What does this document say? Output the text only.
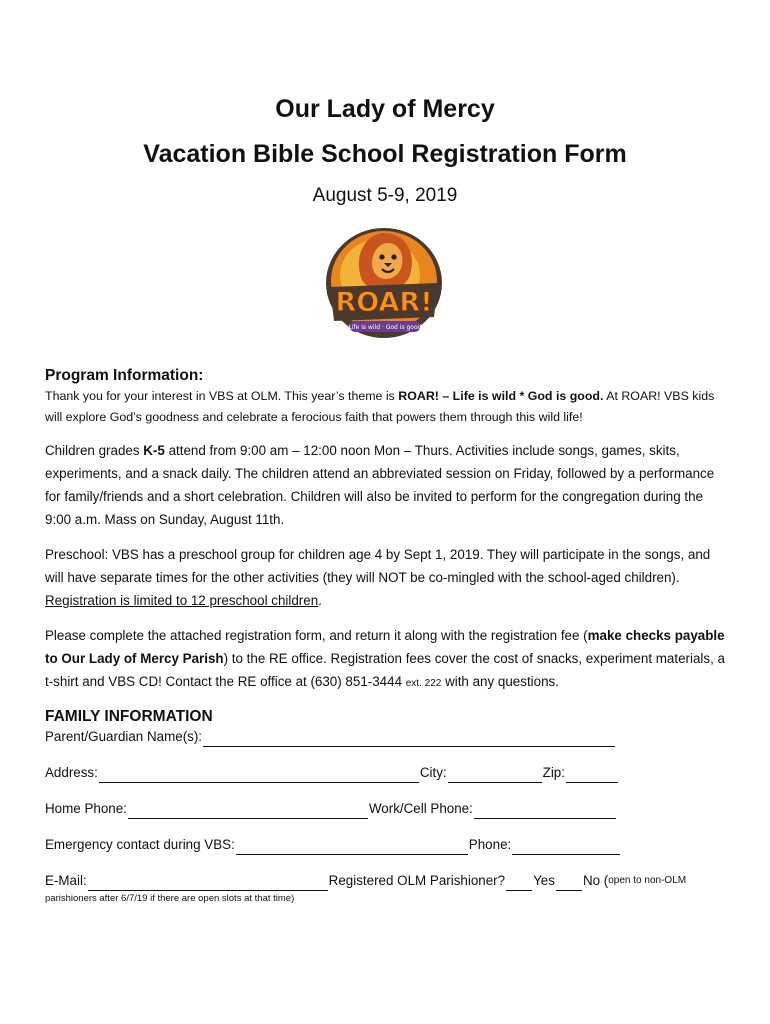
Our Lady of Mercy
Vacation Bible School Registration Form
August 5-9, 2019
ROAR!
Life is wild · God is good
Program Information:

Thank you for your interest in VBS at OLM. This year’s theme is ROAR! – Life is wild * God is good. At ROAR! VBS kids will explore God’s goodness and celebrate a ferocious faith that powers them through this wild life!

Children grades K-5 attend from 9:00 am – 12:00 noon Mon – Thurs. Activities include songs, games, skits, experiments, and a snack daily. The children attend an abbreviated session on Friday, followed by a performance for family/friends and a short celebration. Children will also be invited to perform for the congregation during the 9:00 a.m. Mass on Sunday, August 11th.

Preschool: VBS has a preschool group for children age 4 by Sept 1, 2019. They will participate in the songs, and will have separate times for the other activities (they will NOT be co-mingled with the school-aged children). Registration is limited to 12 preschool children.

Please complete the attached registration form, and return it along with the registration fee (make checks payable to Our Lady of Mercy Parish) to the RE office. Registration fees cover the cost of snacks, experiment materials, a t-shirt and VBS CD! Contact the RE office at (630) 851-3444 ext. 222 with any questions.

FAMILY INFORMATION
Parent/Guardian Name(s):
Address:	City:	Zip:
Home Phone:	Work/Cell Phone:
Emergency contact during VBS:	Phone:
E-Mail:	Registered OLM Parishioner?YesNo (open to non-OLM
parishioners after 6/7/19 if there are open slots at that time)
